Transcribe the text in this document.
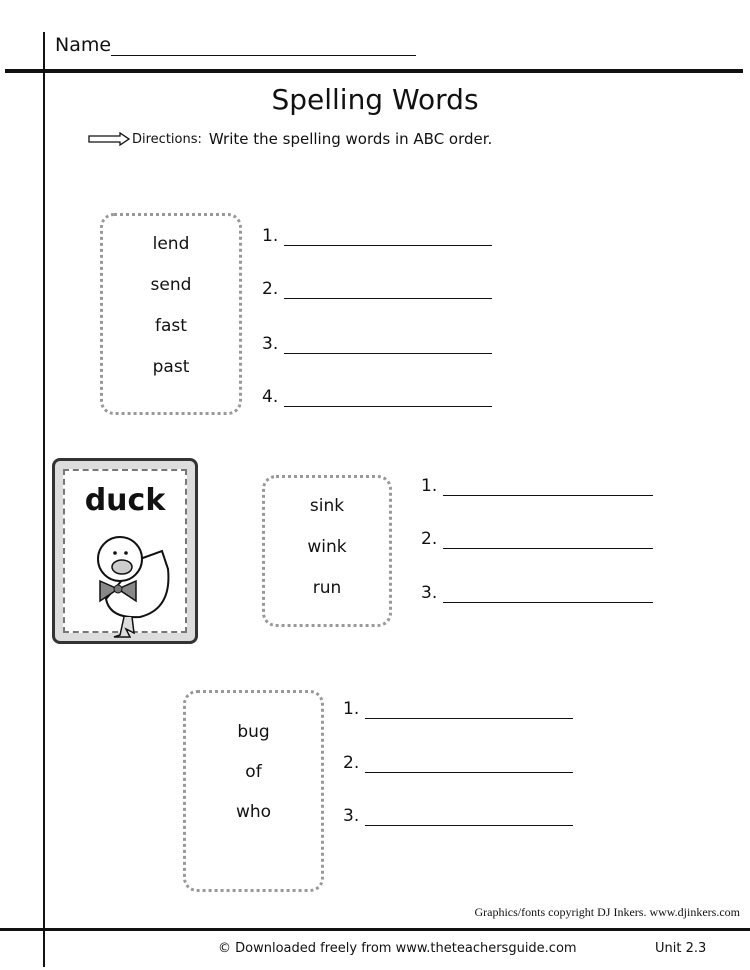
Name
Spelling Words
Directions: Write the spelling words in ABC order.
lend
send
fast
past
1.
2.
3.
4.
duck	sink
wink
run
1.
2.
3.
bug
of
who
1.
2.
3.
Graphics/fonts copyright DJ Inkers. www.djinkers.com
© Downloaded freely from www.theteachersguide.com	Unit 2.3
